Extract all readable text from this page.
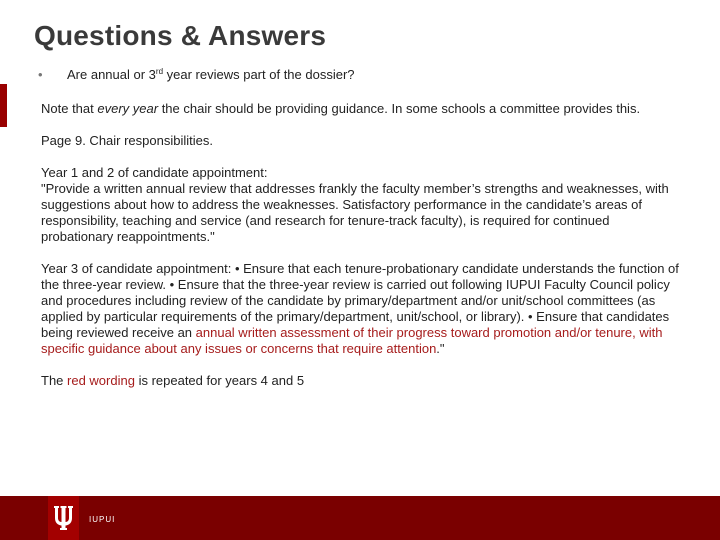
Questions & Answers
• Are annual or 3rd year reviews part of the dossier?

Note that every year the chair should be providing guidance. In some schools a committee provides this.

Page 9. Chair responsibilities.

Year 1 and 2 of candidate appointment:
"Provide a written annual review that addresses frankly the faculty member’s strengths and weaknesses, with suggestions about how to address the weaknesses. Satisfactory performance in the candidate’s areas of responsibility, teaching and service (and research for tenure-track faculty), is required for continued probationary reappointments."

Year 3 of candidate appointment: • Ensure that each tenure-probationary candidate understands the function of the three-year review. • Ensure that the three-year review is carried out following IUPUI Faculty Council policy and procedures including review of the candidate by primary/department and/or unit/school committees (as applied by particular requirements of the primary/department, unit/school, or library). • Ensure that candidates being reviewed receive an annual written assessment of their progress toward promotion and/or tenure, with specific guidance about any issues or concerns that require attention."

The red wording is repeated for years 4 and 5

IUPUI
